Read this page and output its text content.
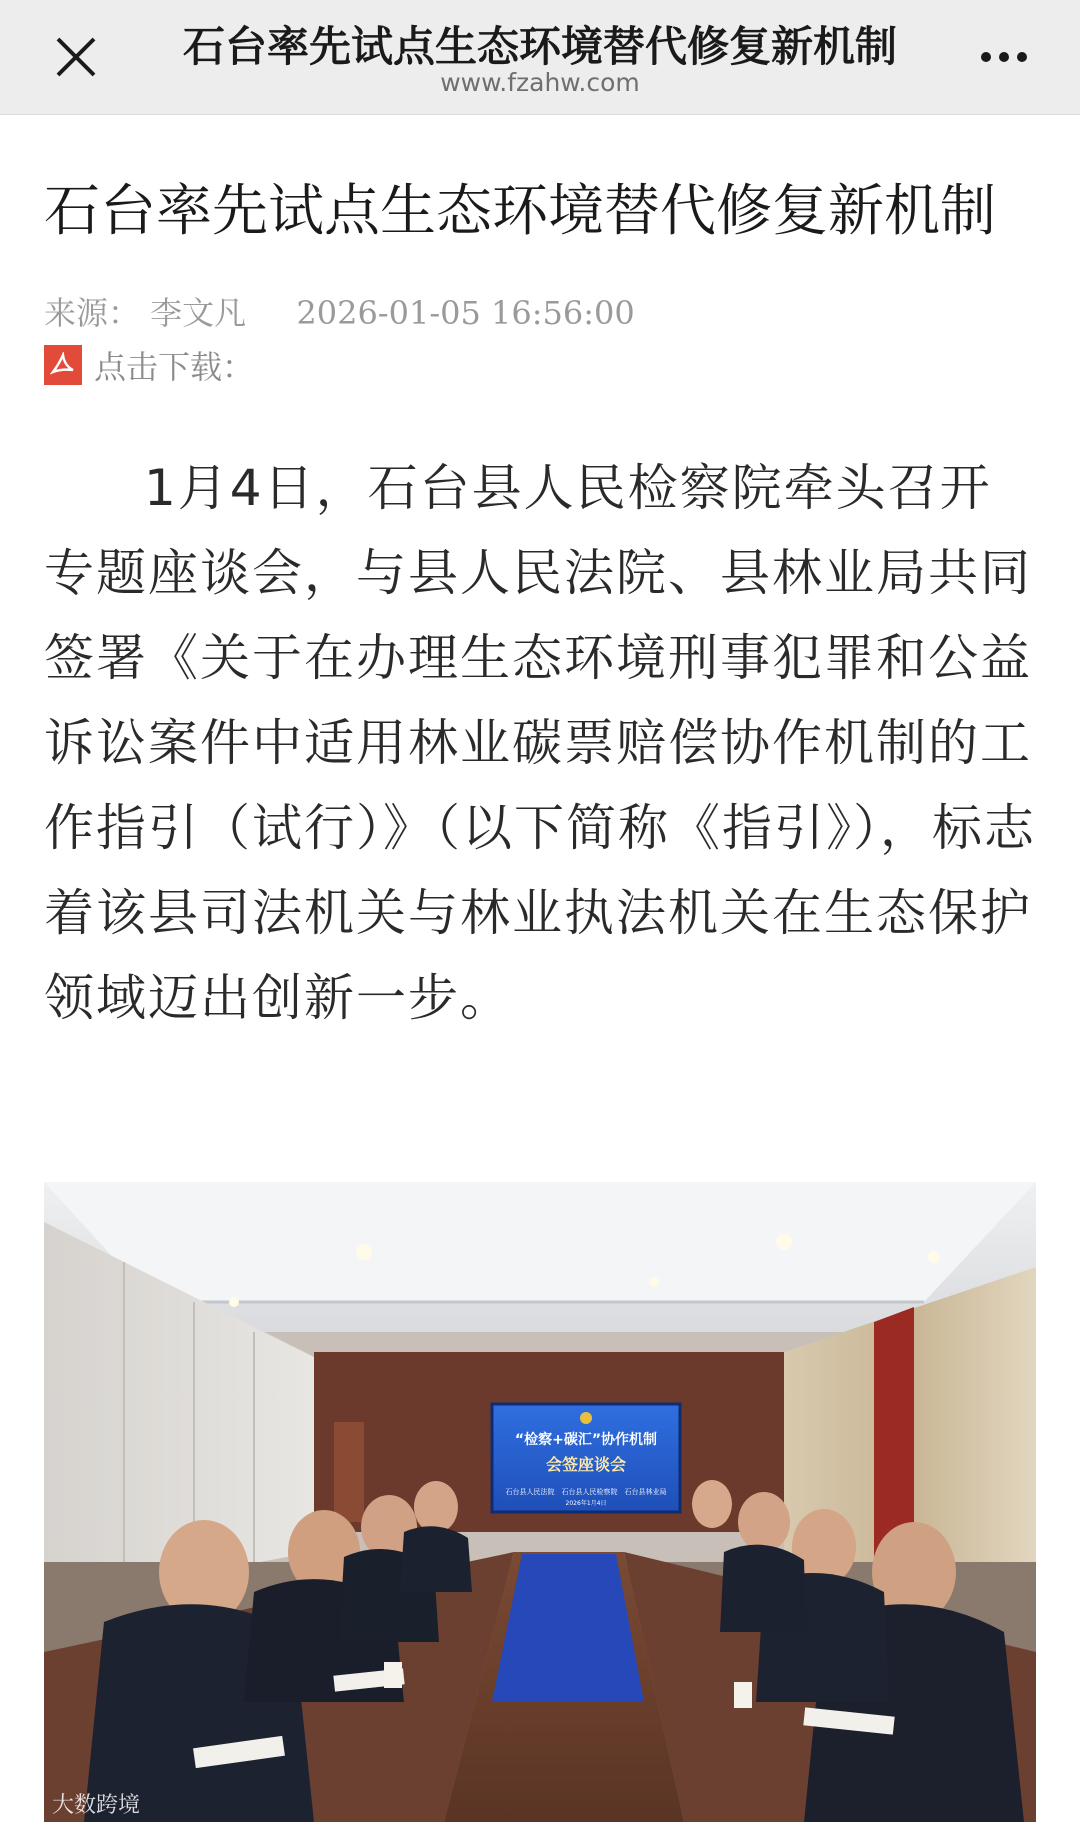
石台率先试点生态环境替代修复新机制
www.fzahw.com
石台率先试点生态环境替代修复新机制
来源： 李文凡 2026-01-05 16:56:00
点击下载：
1月4日，石台县人民检察院牵头召开专题座谈会，与县人民法院、县林业局共同签署《关于在办理生态环境刑事犯罪和公益诉讼案件中适用林业碳票赔偿协作机制的工作指引（试行）》（以下简称《指引》），标志着该县司法机关与林业执法机关在生态保护领域迈出创新一步。
“检察+碳汇”协作机制
会签座谈会
石台县人民法院　石台县人民检察院　石台县林业局
2026年1月4日
大数跨境
